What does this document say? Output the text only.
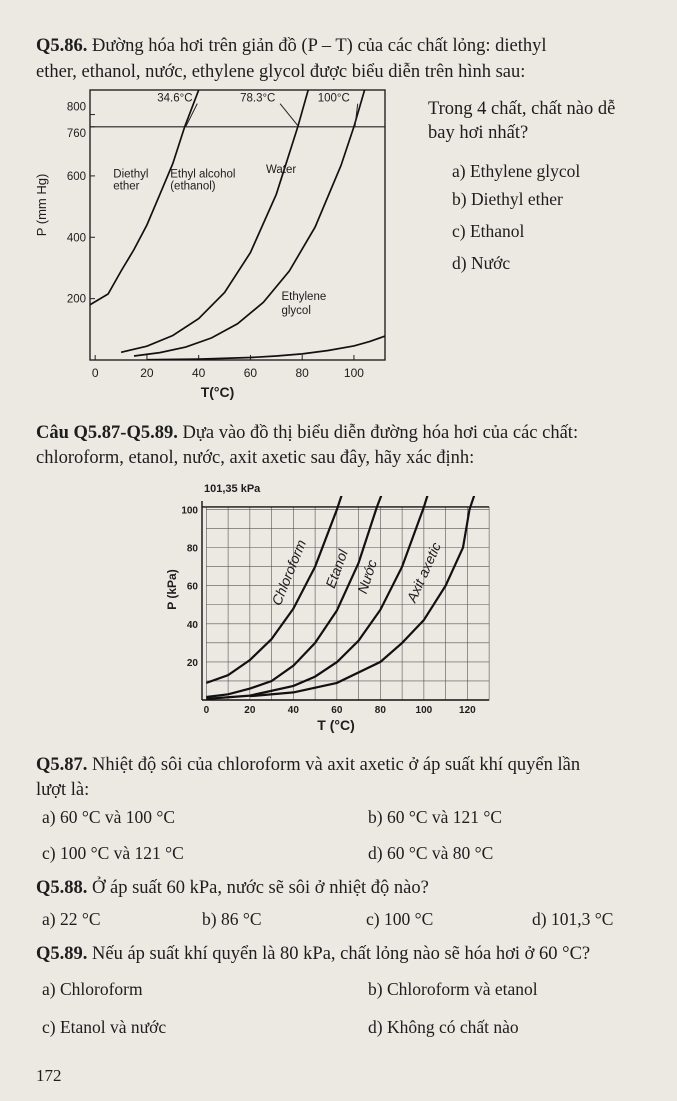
Q5.86. Đường hóa hơi trên giản đồ (P – T) của các chất lỏng: diethyl
ether, ethanol, nước, ethylene glycol được biểu diễn trên hình sau:
0	20	40	60	80	100
200
400
600
760
800
T(°C)
P (mm Hg)	Diethyl
ether
Ethyl alcohol
(ethanol)
Water
Ethylene
glycol
34.6°C	78.3°C	100°C
Trong 4 chất, chất nào dễ
bay hơi nhất?
a) Ethylene glycol
b) Diethyl ether
c) Ethanol
d) Nước
Câu Q5.87-Q5.89. Dựa vào đồ thị biểu diễn đường hóa hơi của các chất:
chloroform, etanol, nước, axit axetic sau đây, hãy xác định:
0	20	40	60	80	100	120
20
40
60
80
100
101,35 kPa
T (°C)
P (kPa)	Chloroform Etanol Nước Axit axetic
Q5.87. Nhiệt độ sôi của chloroform và axit axetic ở áp suất khí quyển lần
lượt là:
a) 60 °C và 100 °C	b) 60 °C và 121 °C
c) 100 °C và 121 °C	d) 60 °C và 80 °C
Q5.88. Ở áp suất 60 kPa, nước sẽ sôi ở nhiệt độ nào?
a) 22 °C	b) 86 °C	c) 100 °C	d) 101,3 °C
Q5.89. Nếu áp suất khí quyển là 80 kPa, chất lỏng nào sẽ hóa hơi ở 60 °C?
a) Chloroform	b) Chloroform và etanol
c) Etanol và nước	d) Không có chất nào
172
